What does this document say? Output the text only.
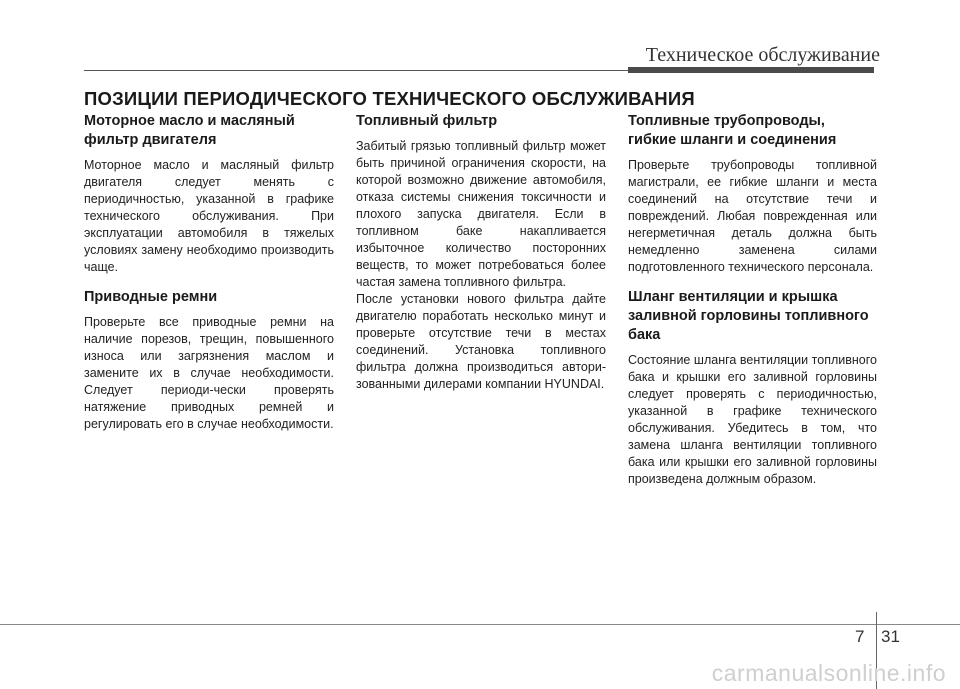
Техническое обслуживание
ПОЗИЦИИ ПЕРИОДИЧЕСКОГО ТЕХНИЧЕСКОГО ОБСЛУЖИВАНИЯ
Моторное масло и масляный фильтр двигателя

Моторное масло и масляный фильтр двигателя следует менять с периодичностью, указанной в графике технического обслуживания. При эксплуатации автомобиля в тяжелых условиях замену необходимо производить чаще.

Приводные ремни

Проверьте все приводные ремни на наличие порезов, трещин, повышенного износа или загрязнения маслом и замените их в случае необходимости. Следует периоди-чески проверять натяжение приводных ремней и регулировать его в случае необходимости.

Топливный фильтр

Забитый грязью топливный фильтр может быть причиной ограничения скорости, на которой возможно движение автомобиля, отказа системы снижения токсичности и плохого запуска двигателя. Если в топливном баке накапливается избыточное количество посторонних веществ, то может потребоваться более частая замена топливного фильтра.

После установки нового фильтра дайте двигателю поработать несколько минут и проверьте отсутствие течи в местах соединений. Установка топливного фильтра должна производиться автори-зованными дилерами компании HYUNDAI.

Топливные трубопроводы, гибкие шланги и соединения

Проверьте трубопроводы топливной магистрали, ее гибкие шланги и места соединений на отсутствие течи и повреждений. Любая поврежденная или негерметичная деталь должна быть немедленно заменена силами подготовленного технического персонала.

Шланг вентиляции и крышка заливной горловины топливного бака

Состояние шланга вентиляции топливного бака и крышки его заливной горловины следует проверять с периодичностью, указанной в графике технического обслуживания. Убедитесь в том, что замена шланга вентиляции топливного бака или крышки его заливной горловины произведена должным образом.

7 31
carmanualsonline.info
